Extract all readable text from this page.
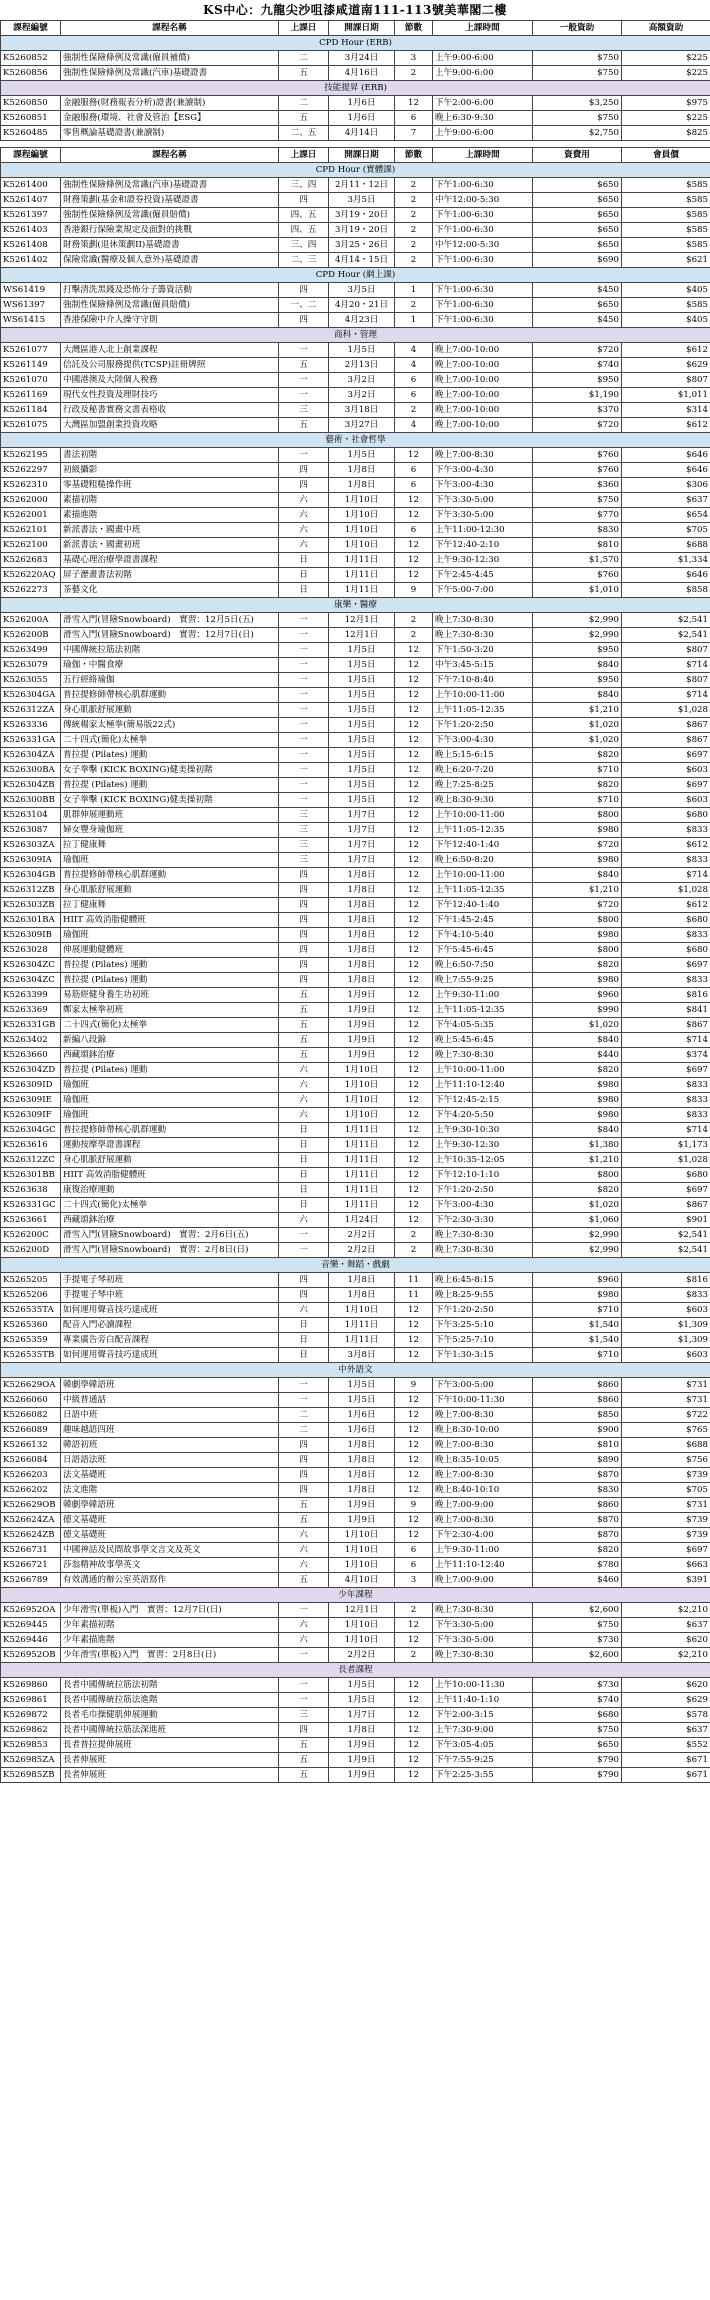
KS中心：九龍尖沙咀漆咸道南111-113號美華閣二樓
課程編號	課程名稱	上課日	開課日期	節數	上課時間	一般資助	高額資助
CPD Hour (ERB)							
K5260852	強制性保險條例及常識(僱員補償)	二	3月24日	3	上午9:00-6:00	$750	$225
K5260856	強制性保險條例及常識(汽車)基礎證書	五	4月16日	2	上午9:00-6:00	$750	$225
技能提昇 (ERB)							
K5260850	金融服務(財務報表分析)證書(兼讀制)	二	1月6日	12	下午2:00-6:00	$3,250	$975
K5260851	金融服務(環境、社會及管治【ESG】	五	1月6日	6	晚上6:30-9:30	$750	$225
K5260485	零售概論基礎證書(兼讀制)	二、五	4月14日	7	上午9:00-6:00	$2,750	$825
課程編號	課程名稱	上課日	開課日期	節數	上課時間	資費用	會員價
CPD Hour (實體課)							
K5261400	強制性保險條例及常識(汽車)基礎證書	三、四	2月11・12日	2	下午1:00-6:30	$650	$585
K5261407	財務策劃(基金和證券投資)基礎證書	四	3月5日	2	中午12:00-5:30	$650	$585
K5261397	強制性保險條例及常識(僱員賠償)	四、五	3月19・20日	2	下午1:00-6:30	$650	$585
K5261403	香港銀行保險業規定及面對的挑戰	四、五	3月19・20日	2	下午1:00-6:30	$650	$585
K5261408	財務策劃(退休策劃II)基礎證書	三、四	3月25・26日	2	中午12:00-5:30	$650	$585
K5261402	保險常識(醫療及個人意外)基礎證書	二、三	4月14・15日	2	下午1:00-6:30	$690	$621
CPD Hour (網上課)							
WS61419	打擊清洗黑錢及恐怖分子籌資活動	四	3月5日	1	下午1:00-6:30	$450	$405
WS61397	強制性保險條例及常識(僱員賠償)	一、二	4月20・21日	2	下午1:00-6:30	$650	$585
WS61415	香港保險中介人操守守則	四	4月23日	1	下午1:00-6:30	$450	$405
商科・管理							
K5261077	大灣區港人北上創業課程	一	1月5日	4	晚上7:00-10:00	$720	$612
K5261149	信託及公司服務提供(TCSP)註冊牌照	五	2月13日	4	晚上7:00-10:00	$740	$629
K5261070	中國港澳及大陸個人稅務	一	3月2日	6	晚上7:00-10:00	$950	$807
K5261169	現代女性投資及理財技巧	一	3月2日	6	晚上7:00-10:00	$1,190	$1,011
K5261184	行政及秘書實務文書表格收	三	3月18日	2	晚上7:00-10:00	$370	$314
K5261075	大灣區加盟創業投資攻略	五	3月27日	4	晚上7:00-10:00	$720	$612
藝術・社會哲學							
K5262195	書法初階	一	1月5日	12	晚上7:00-8:30	$760	$646
K5262297	初級攝影	四	1月8日	6	下午3:00-4:30	$760	$646
K5262310	零基礎粗糙操作班	四	1月8日	6	下午3:00-4:30	$360	$306
K5262000	素描初階	六	1月10日	12	下午3:30-5:00	$750	$637
K5262001	素描進階	六	1月10日	12	下午3:30-5:00	$770	$654
K5262101	新派書法・國畫中班	六	1月10日	6	上午11:00-12:30	$830	$705
K5262100	新派書法・國畫初班	六	1月10日	12	下午12:40-2:10	$810	$688
K5262683	基礎心理治療學證書課程	日	1月11日	12	上午9:30-12:30	$1,570	$1,334
K526220AQ	屏子瀝畫書法初階	日	1月11日	12	下午2:45-4:45	$760	$646
K5262273	茶藝文化	日	1月11日	9	下午5:00-7:00	$1,010	$858
康樂・醫療							
K526200A	滑雪入門(冒險Snowboard)　實習：12月5日(五)	一	12月1日	2	晚上7:30-8:30	$2,990	$2,541
K526200B	滑雪入門(冒險Snowboard)　實習：12月7日(日)	一	12月1日	2	晚上7:30-8:30	$2,990	$2,541
K5263499	中國傳統拉筋法初階	一	1月5日	12	下午1:50-3:20	$950	$807
K5263079	瑜伽・中醫食療	一	1月5日	12	中午3:45-5:15	$840	$714
K5263055	五行經絡瑜伽	一	1月5日	12	下午7:10-8:40	$950	$807
K526304GA	普拉提修師帶核心肌群運動	一	1月5日	12	上午10:00-11:00	$840	$714
K526312ZA	身心肌脈舒展運動	一	1月5日	12	上午11:05-12:35	$1,210	$1,028
K5263336	傳統楊家太極拳(簡易版22式)	一	1月5日	12	下午1:20-2:50	$1,020	$867
K526331GA	二十四式(簡化)太極拳	一	1月5日	12	下午3:00-4:30	$1,020	$867
K526304ZA	普拉提 (Pilates) 運動	一	1月5日	12	晚上5:15-6:15	$820	$697
K526300BA	女子拳擊 (KICK BOXING)健美操初階	一	1月5日	12	晚上6:20-7:20	$710	$603
K526304ZB	普拉提 (Pilates) 運動	一	1月5日	12	晚上7:25-8:25	$820	$697
K526300BB	女子拳擊 (KICK BOXING)健美操初階	一	1月5日	12	晚上8:30-9:30	$710	$603
K5263104	肌群伸展運動班	三	1月7日	12	上午10:00-11:00	$800	$680
K5263087	婦女豐身瑜伽班	三	1月7日	12	上午11:05-12:35	$980	$833
K526303ZA	拉丁健康舞	三	1月7日	12	下午12:40-1:40	$720	$612
K526309IA	瑜伽班	三	1月7日	12	晚上6:50-8:20	$980	$833
K526304GB	普拉提修師帶核心肌群運動	四	1月8日	12	上午10:00-11:00	$840	$714
K526312ZB	身心肌脈舒展運動	四	1月8日	12	上午11:05-12:35	$1,210	$1,028
K526303ZB	拉丁健康舞	四	1月8日	12	下午12:40-1:40	$720	$612
K526301BA	HIIT 高效消脂健體班	四	1月8日	12	下午1:45-2:45	$800	$680
K526309IB	瑜伽班	四	1月8日	12	下午4:10-5:40	$980	$833
K5263028	伸展運動健體班	四	1月8日	12	下午5:45-6:45	$800	$680
K526304ZC	普拉提 (Pilates) 運動	四	1月8日	12	晚上6:50-7:50	$820	$697
K526304ZC	普拉提 (Pilates) 運動	四	1月8日	12	晚上7:55-9:25	$980	$833
K5263399	易筋經健身養生功初班	五	1月9日	12	上午9:30-11:00	$960	$816
K5263369	鄭家太極拳初班	五	1月9日	12	上午11:05-12:35	$990	$841
K526331GB	二十四式(簡化)太極拳	五	1月9日	12	下午4:05-5:35	$1,020	$867
K5263402	新編八段錦	五	1月9日	12	晚上5:45-6:45	$840	$714
K5263660	西藏頌鉢治療	五	1月9日	12	晚上7:30-8:30	$440	$374
K526304ZD	普拉提 (Pilates) 運動	六	1月10日	12	上午10:00-11:00	$820	$697
K526309ID	瑜伽班	六	1月10日	12	上午11:10-12:40	$980	$833
K526309IE	瑜伽班	六	1月10日	12	下午12:45-2:15	$980	$833
K526309IF	瑜伽班	六	1月10日	12	下午4:20-5:50	$980	$833
K526304GC	普拉提修師帶核心肌群運動	日	1月11日	12	上午9:30-10:30	$840	$714
K5263616	運動按摩學證書課程	日	1月11日	12	上午9:30-12:30	$1,380	$1,173
K526312ZC	身心肌脈舒展運動	日	1月11日	12	上午10:35-12:05	$1,210	$1,028
K526301BB	HIIT 高效消脂健體班	日	1月11日	12	下午12:10-1:10	$800	$680
K5263638	康復治療運動	日	1月11日	12	下午1:20-2:50	$820	$697
K526331GC	二十四式(簡化)太極拳	日	1月11日	12	下午3:00-4:30	$1,020	$867
K5263661	西藏頌鉢治療	六	1月24日	12	下午2:30-3:30	$1,060	$901
K526200C	滑雪入門(冒險Snowboard)　實習：2月6日(五)	一	2月2日	2	晚上7:30-8:30	$2,990	$2,541
K526200D	滑雪入門(冒險Snowboard)　實習：2月8日(日)	一	2月2日	2	晚上7:30-8:30	$2,990	$2,541
音樂・舞蹈・戲劇							
K5265205	手提電子琴初班	四	1月8日	11	晚上6:45-8:15	$960	$816
K5265206	手提電子琴中班	四	1月8日	11	晚上8:25-9:55	$980	$833
K526535TA	如何運用聲音技巧達成班	六	1月10日	12	下午1:20-2:50	$710	$603
K5265360	配音入門必讀課程	日	1月11日	12	下午3:25-5:10	$1,540	$1,309
K5265359	專業廣告旁白配音課程	日	1月11日	12	下午5:25-7:10	$1,540	$1,309
K526535TB	如何運用聲音技巧達成班	日	3月8日	12	下午1:30-3:15	$710	$603
中外語文							
K526629OA	韓劇學韓語班	一	1月5日	9	下午3:00-5:00	$860	$731
K5266060	中級普通話	一	1月5日	12	下午10:00-11:30	$860	$731
K5266082	日語中班	二	1月6日	12	晚上7:00-8:30	$850	$722
K5266089	趣味越語四班	二	1月6日	12	晚上8:30-10:00	$900	$765
K5266132	韓語初班	四	1月8日	12	晚上7:00-8:30	$810	$688
K5266084	日語語法班	四	1月8日	12	晚上8:35-10:05	$890	$756
K5266203	法文基礎班	四	1月8日	12	晚上7:00-8:30	$870	$739
K5266202	法文進階	四	1月8日	12	晚上8:40-10:10	$830	$705
K526629OB	韓劇學韓語班	五	1月9日	9	晚上7:00-9:00	$860	$731
K526624ZA	德文基礎班	五	1月9日	12	晚上7:00-8:30	$870	$739
K526624ZB	德文基礎班	六	1月10日	12	下午2:30-4:00	$870	$739
K5266731	中國神話及民間故事學文言文及英文	六	1月10日	6	上午9:30-11:00	$820	$697
K5266721	莎翁精神故事學英文	六	1月10日	6	上午11:10-12:40	$780	$663
K5266789	有效溝通的辦公室英語寫作	五	4月10日	3	晚上7:00-9:00	$460	$391
少年課程							
K526952OA	少年滑雪(單板)入門　實習：12月7日(日)	一	12月1日	2	晚上7:30-8:30	$2,600	$2,210
K5269445	少年素描初階	六	1月10日	12	下午3:30-5:00	$750	$637
K5269446	少年素描進階	六	1月10日	12	下午3:30-5:00	$730	$620
K526952OB	少年滑雪(單板)入門　實習：2月8日(日)	一	2月2日	2	晚上7:30-8:30	$2,600	$2,210
長者課程							
K5269860	長者中國傳統拉筋法初階	一	1月5日	12	上午10:00-11:30	$730	$620
K5269861	長者中國傳統拉筋法進階	一	1月5日	12	上午11:40-1:10	$740	$629
K5269872	長者毛巾操健肌伸展運動	三	1月7日	12	下午2:00-3:15	$680	$578
K5269862	長者中國傳統拉筋法深進班	四	1月8日	12	上午7:30-9:00	$750	$637
K5269853	長者普拉提伸展班	五	1月9日	12	下午3:05-4:05	$650	$552
K526985ZA	長者伸展班	五	1月9日	12	下午7:55-9:25	$790	$671
K526985ZB	長者伸展班	五	1月9日	12	下午2:25-3:55	$790	$671
